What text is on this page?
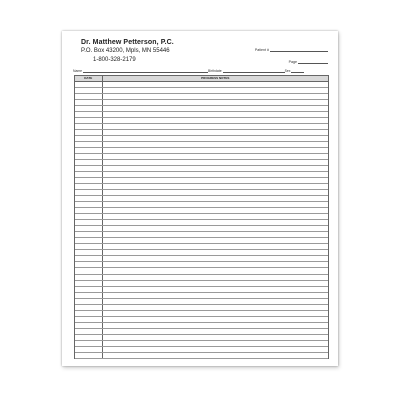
Dr. Matthew Petterson, P.C.
P.O. Box 43200, Mpls, MN 55446
1-800-328-2179
Patient #
Page
Name	Birthdate	Sex
DATE	PROGRESS NOTES
